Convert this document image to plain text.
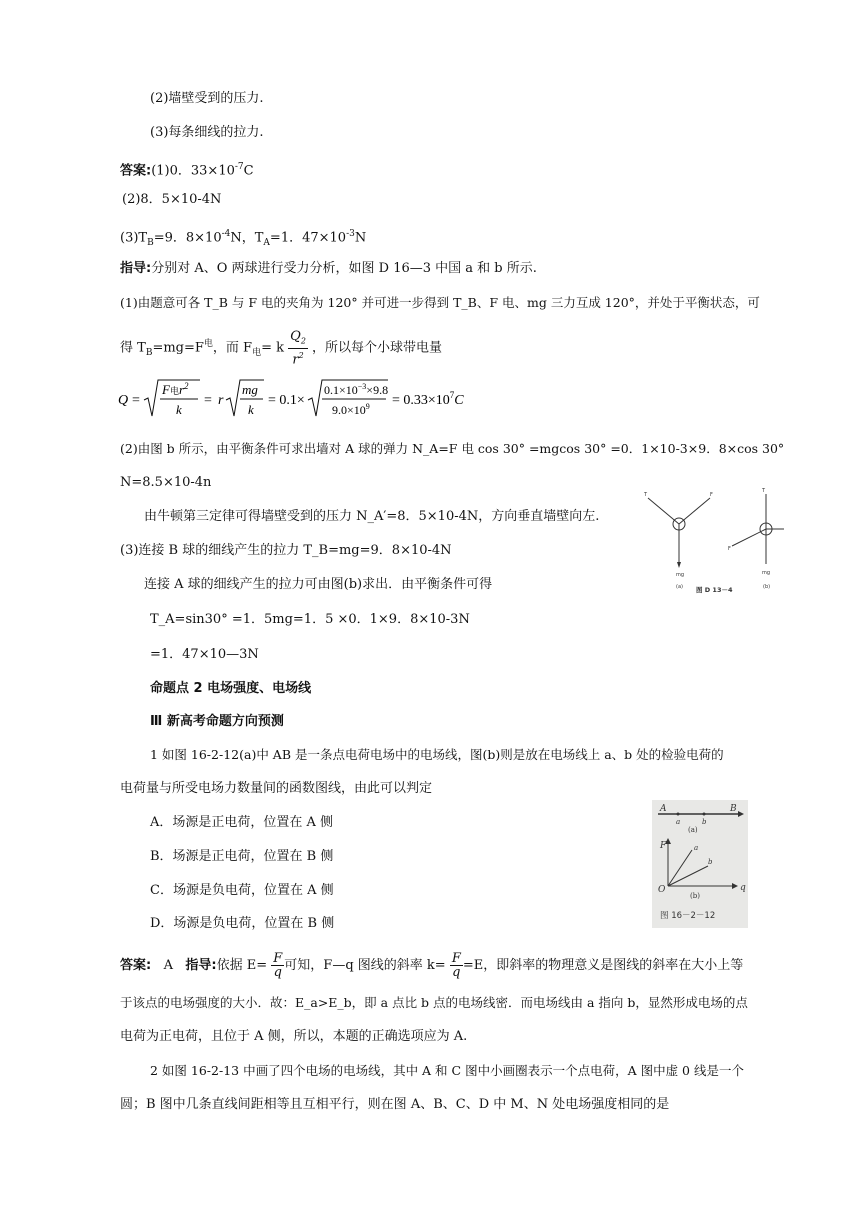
(2)墙壁受到的压力.
(3)每条细线的拉力.
答案:(1)0．$33\times 10^{-7}C$
(2)8．5×10-4N
$(3)T_B=9$．$8\times 10^{-4}N$，$T_A=1$．$47\times 10^{-3}N$
指导:分别对 A、O 两球进行受力分析，如图 D 16—3 中国 a 和 b 所示.
(1)由题意可各 T_B 与 F 电的夹角为 120° 并可进一步得到 T_B、F 电、mg 三力互成 120°，并处于平衡状态，可
得 $T_B=mg=F^电$，而 $F_电= k \frac{Q_2}{r^2}$ ，所以每个小球带电量
Q =
F电$r^2$
k
= r
mg
k
= 0.1×
$0.1\times 10^{-3}\times 9.8$
$9.0\times 10^9 = 0.33\times 10^7C$
(2)由图 b 所示，由平衡条件可求出墙对 A 球的弹力 N_A=F 电 cos 30° =mgcos 30° =0．1×10-3×9．8×cos 30°
N=8.5×10-4n
由牛顿第三定律可得墙壁受到的压力 N_A′=8．5×10-4N，方向垂直墙壁向左.
(3)连接 B 球的细线产生的拉力 T_B=mg=9．8×10-4N
连接 A 球的细线产生的拉力可由图(b)求出．由平衡条件可得
T_A=sin30° =1．5mg=1．5 ×0．1×9．8×10-3N
=1．47×10—3N
T	F
mg
(a)
T
F
mg
(b)
图 D 13－4
命题点 2 电场强度、电场线
Ⅲ 新高考命题方向预测
1 如图 16-2-12(a)中 AB 是一条点电荷电场中的电场线，图(b)则是放在电场线上 a、b 处的检验电荷的
电荷量与所受电场力数量间的函数图线，由此可以判定
A．场源是正电荷，位置在 A 侧
B．场源是正电荷，位置在 B 侧
C．场源是负电荷，位置在 A 侧
D．场源是负电荷，位置在 B 侧
A	B
a	b
(a)
F
O	q
a
b
(b)
图 16－2－12
答案: A 指导:依据 $E= \frac{F}{q}$ 可知，F—q 图线的斜率 $k= \frac{F}{q} =E$，即斜率的物理意义是图线的斜率在大小上等
于该点的电场强度的大小．故：E_a>E_b，即 a 点比 b 点的电场线密．而电场线由 a 指向 b，显然形成电场的点
电荷为正电荷，且位于 A 侧，所以，本题的正确选项应为 A.
2 如图 16-2-13 中画了四个电场的电场线，其中 A 和 C 图中小画圈表示一个点电荷，A 图中虚 0 线是一个
圆；B 图中几条直线间距相等且互相平行，则在图 A、B、C、D 中 M、N 处电场强度相同的是
